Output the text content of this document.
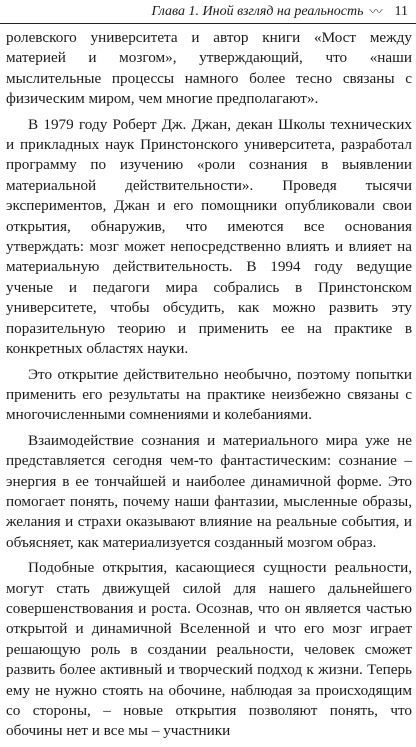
Глава 1. Иной взгляд на реальность 〰 11

ролевского университета и автор книги «Мост между материей и мозгом», утверждающий, что «наши мыслительные процессы намного более тесно связаны с физическим миром, чем многие предполагают».

В 1979 году Роберт Дж. Джан, декан Школы технических и прикладных наук Принстонского университета, разработал программу по изучению «роли сознания в выявлении материальной действительности». Проведя тысячи экспериментов, Джан и его помощники опубликовали свои открытия, обнаружив, что имеются все основания утверждать: мозг может непосредственно влиять и влияет на материальную действительность. В 1994 году ведущие ученые и педагоги мира собрались в Принстонском университете, чтобы обсудить, как можно развить эту поразительную теорию и применить ее на практике в конкретных областях науки.

Это открытие действительно необычно, поэтому попытки применить его результаты на практике неизбежно связаны с многочисленными сомнениями и колебаниями.

Взаимодействие сознания и материального мира уже не представляется сегодня чем-то фантастическим: сознание – энергия в ее тончайшей и наиболее динамичной форме. Это помогает понять, почему наши фантазии, мысленные образы, желания и страхи оказывают влияние на реальные события, и объясняет, как материализуется созданный мозгом образ.

Подобные открытия, касающиеся сущности реальности, могут стать движущей силой для нашего дальнейшего совершенствования и роста. Осознав, что он является частью открытой и динамичной Вселенной и что его мозг играет решающую роль в создании реальности, человек сможет развить более активный и творческий подход к жизни. Теперь ему не нужно стоять на обочине, наблюдая за происходящим со стороны, – новые открытия позволяют понять, что обочины нет и все мы – участники
